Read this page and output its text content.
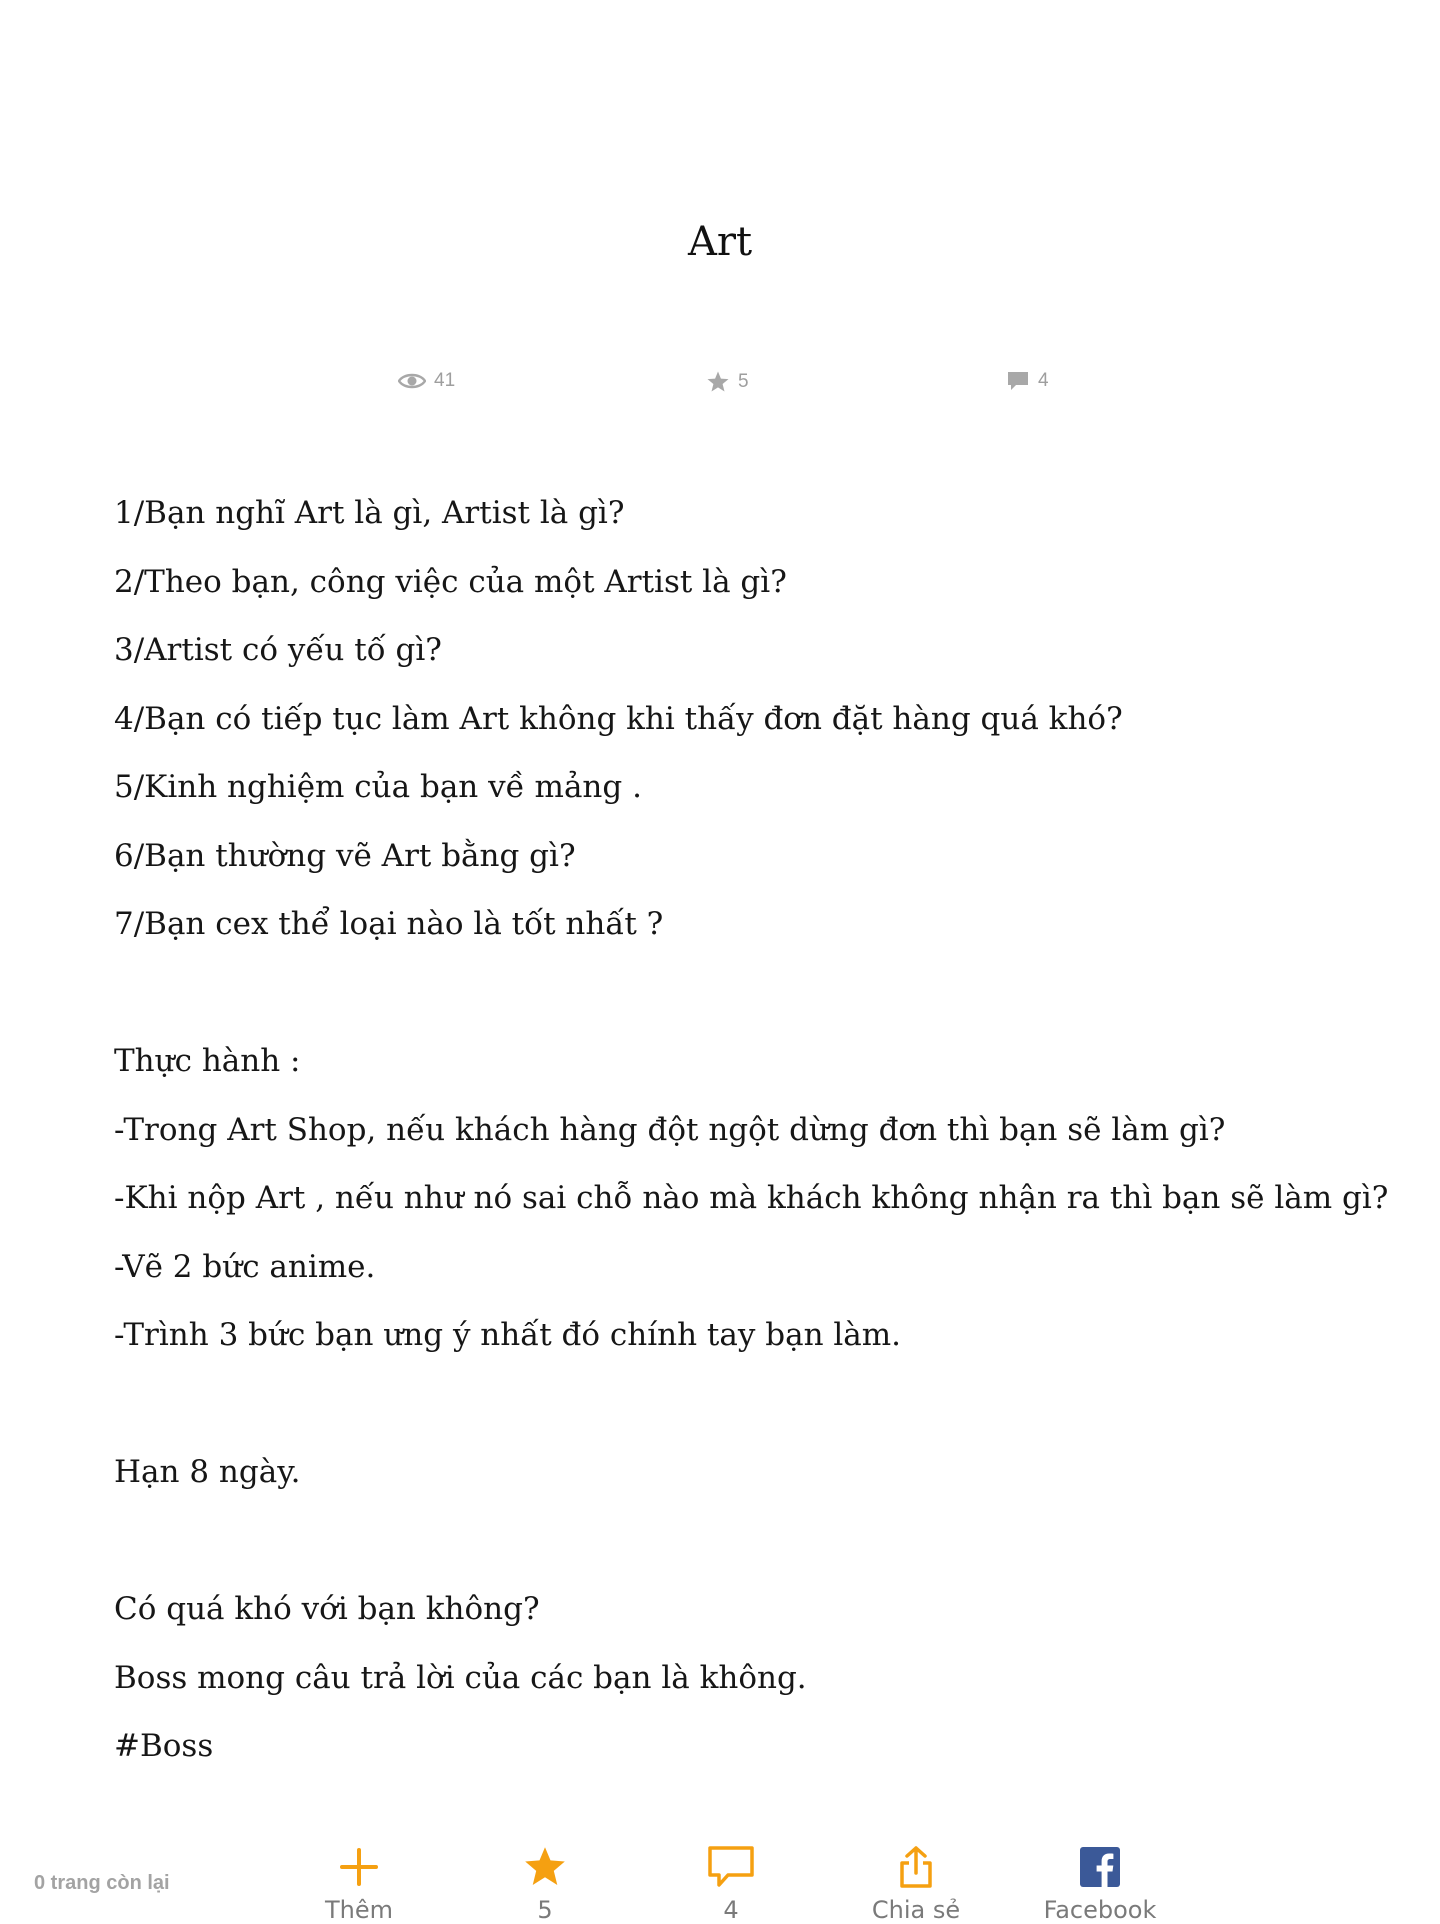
Art
41	5	4
1/Bạn nghĩ Art là gì, Artist là gì?
2/Theo bạn, công việc của một Artist là gì?
3/Artist có yếu tố gì?
4/Bạn có tiếp tục làm Art không khi thấy đơn đặt hàng quá khó?
5/Kinh nghiệm của bạn về mảng .
6/Bạn thường vẽ Art bằng gì?
7/Bạn cex thể loại nào là tốt nhất ?
Thực hành :
-Trong Art Shop, nếu khách hàng đột ngột dừng đơn thì bạn sẽ làm gì?
-Khi nộp Art , nếu như nó sai chỗ nào mà khách không nhận ra thì bạn sẽ làm gì?
-Vẽ 2 bức anime.
-Trình 3 bức bạn ưng ý nhất đó chính tay bạn làm.
Hạn 8 ngày.
Có quá khó với bạn không?
Boss mong câu trả lời của các bạn là không.
#Boss
0 trang còn lại
Thêm	5	4	Chia sẻ	Facebook
